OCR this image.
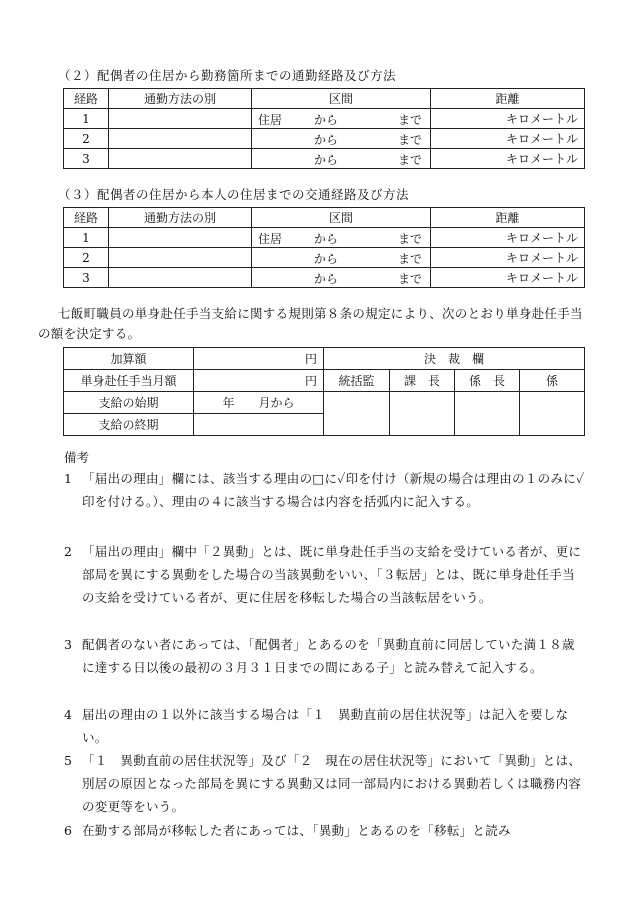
（２）配偶者の住居から勤務箇所までの通勤経路及び方法
経路	通勤方法の別	区間	距離
1		住居 から まで	キロメートル
2		から まで	キロメートル
3		から まで	キロメートル
（３）配偶者の住居から本人の住居までの交通経路及び方法
経路	通勤方法の別	区間	距離
1		住居 から まで	キロメートル
2		から まで	キロメートル
3		から まで	キロメートル
七飯町職員の単身赴任手当支給に関する規則第８条の規定により、次のとおり単身赴任手当の額を決定する。
加算額	円	決　裁　欄			
単身赴任手当月額	円	統括監	課　長	係　長	係
支給の始期	年　　月から				
支給の終期					
備考
1 「届出の理由」欄には、該当する理由の□に✓印を付け（新規の場合は理由の１のみに✓印を付ける。）、理由の４に該当する場合は内容を括弧内に記入する。
2 「届出の理由」欄中「２異動」とは、既に単身赴任手当の支給を受けている者が、更に部局を異にする異動をした場合の当該異動をいい、「３転居」とは、既に単身赴任手当の支給を受けている者が、更に住居を移転した場合の当該転居をいう。
3 配偶者のない者にあっては、「配偶者」とあるのを「異動直前に同居していた満１８歳に達する日以後の最初の３月３１日までの間にある子」と読み替えて記入する。
4 届出の理由の１以外に該当する場合は「１　異動直前の居住状況等」は記入を要しない。
5 「１　異動直前の居住状況等」及び「２　現在の居住状況等」において「異動」とは、別居の原因となった部局を異にする異動又は同一部局内における異動若しくは職務内容の変更等をいう。
6 在勤する部局が移転した者にあっては、「異動」とあるのを「移転」と読み
